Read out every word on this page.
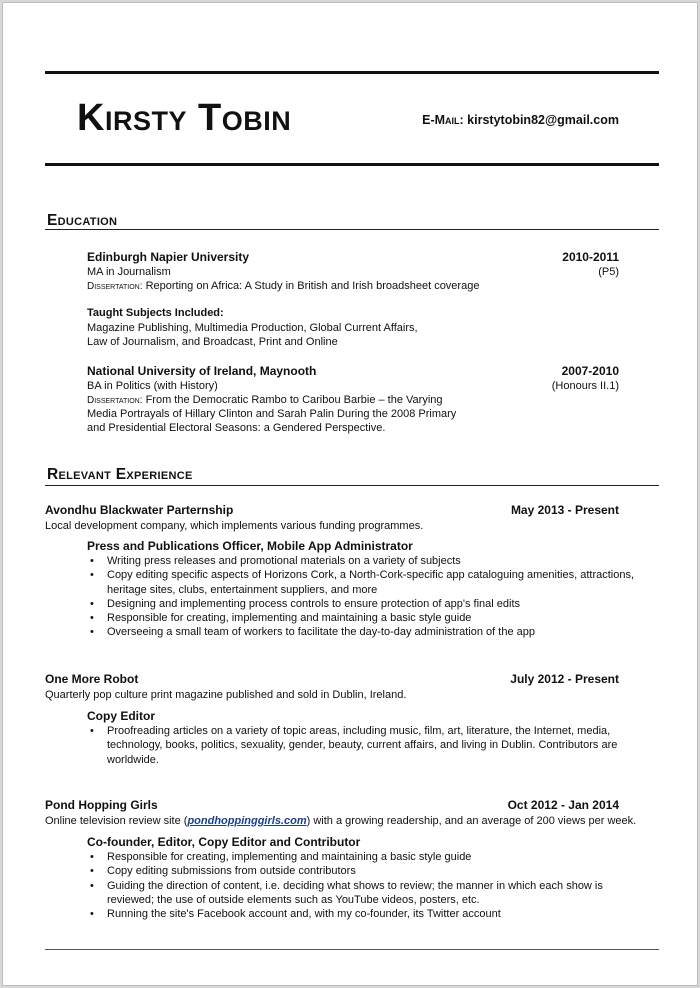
Kirsty Tobin	E-Mail: kirstytobin82@gmail.com
Education
Edinburgh Napier University	2010-2011
MA in Journalism	(P5)
Dissertation: Reporting on Africa: A Study in British and Irish broadsheet coverage
Taught Subjects Included:
Magazine Publishing, Multimedia Production, Global Current Affairs,
Law of Journalism, and Broadcast, Print and Online
National University of Ireland, Maynooth	2007-2010
BA in Politics (with History)	(Honours II.1)
Dissertation: From the Democratic Rambo to Caribou Barbie – the Varying
Media Portrayals of Hillary Clinton and Sarah Palin During the 2008 Primary
and Presidential Electoral Seasons: a Gendered Perspective.
Relevant Experience
Avondhu Blackwater Parternship	May 2013 - Present
Local development company, which implements various funding programmes.
Press and Publications Officer, Mobile App Administrator
• Writing press releases and promotional materials on a variety of subjects
• Copy editing specific aspects of Horizons Cork, a North-Cork-specific app cataloguing amenities, attractions, heritage sites, clubs, entertainment suppliers, and more
• Designing and implementing process controls to ensure protection of app's final edits
• Responsible for creating, implementing and maintaining a basic style guide
• Overseeing a small team of workers to facilitate the day-to-day administration of the app
One More Robot	July 2012 - Present
Quarterly pop culture print magazine published and sold in Dublin, Ireland.
Copy Editor
• Proofreading articles on a variety of topic areas, including music, film, art, literature, the Internet, media, technology, books, politics, sexuality, gender, beauty, current affairs, and living in Dublin. Contributors are worldwide.
Pond Hopping Girls	Oct 2012 - Jan 2014
Online television review site (pondhoppinggirls.com) with a growing readership, and an average of 200 views per week.
Co-founder, Editor, Copy Editor and Contributor
• Responsible for creating, implementing and maintaining a basic style guide
• Copy editing submissions from outside contributors
• Guiding the direction of content, i.e. deciding what shows to review; the manner in which each show is reviewed; the use of outside elements such as YouTube videos, posters, etc.
• Running the site's Facebook account and, with my co-founder, its Twitter account
